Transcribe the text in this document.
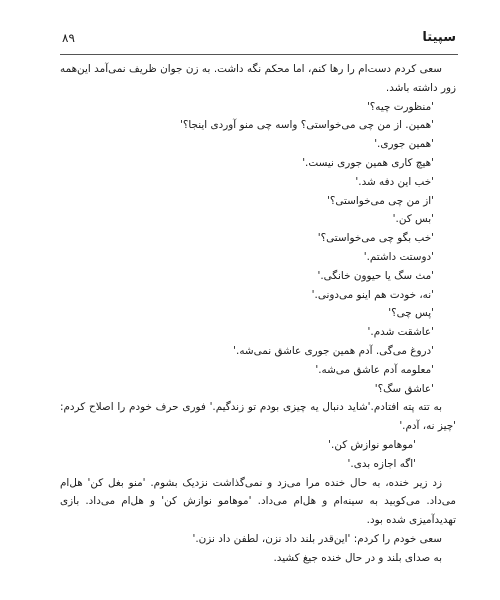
سپیتا
۸۹

سعی کردم دست‌ام را رها کنم، اما محکم نگه داشت. به زن جوان ظریف نمی‌آمد این‌همه زور داشته باشد.

'منظورت چیه؟'

'همین. از من چی می‌خواستی؟ واسه چی منو آوردی اینجا؟'

'همین جوری.'

'هیچ کاری همین جوری نیست.'

'خب این دفه شد.'

'از من چی می‌خواستی؟'

'بس کن.'

'خب بگو چی می‌خواستی؟'

'دوستت داشتم.'

'مث سگ یا حیوون خانگی.'

'نه، خودت هم اینو می‌دونی.'

'پس چی؟'

'عاشقت شدم.'

'دروغ می‌گی. آدم همین جوری عاشق نمی‌شه.'

'معلومه آدم عاشق می‌شه.'

'عاشق سگ؟'

به تته پته افتادم.'شاید دنبال یه چیزی بودم تو زندگیم.' فوری حرف خودم را اصلاح کردم: 'چیز نه، آدم.'

'موهامو نوازش کن.'

'اگه اجازه بدی.'

زد زیر خنده، به حال خنده مرا می‌زد و نمی‌گذاشت نزدیک بشوم. 'منو بغل کن' هل‌ام می‌داد. می‌کوبید به سینه‌ام و هل‌ام می‌داد. 'موهامو نوازش کن' و هل‌ام می‌داد. بازی تهدیدآمیزی شده بود.

سعی خودم را کردم: 'این‌قدر بلند داد نزن، لطفن داد نزن.'

به صدای بلند و در حال خنده جیغ کشید.
